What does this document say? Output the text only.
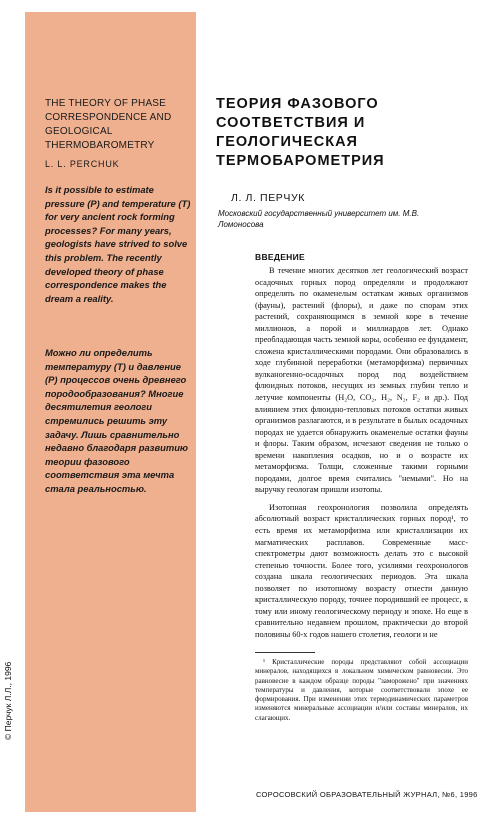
THE THEORY OF PHASE CORRESPONDENCE AND GEOLOGICAL THERMOBAROMETRY
L. L. PERCHUK
Is it possible to estimate pressure (P) and temperature (T) for very ancient rock forming processes? For many years, geologists have strived to solve this problem. The recently developed theory of phase correspondence makes the dream a reality.
Можно ли определить температуру (T) и давление (P) процессов очень древнего породообразования? Многие десятилетия геологи стремились решить эту задачу. Лишь сравнительно недавно благодаря развитию теории фазового соответствия эта мечта стала реальностью.
© Перчук Л.Л., 1996
ТЕОРИЯ ФАЗОВОГО СООТВЕТСТВИЯ И ГЕОЛОГИЧЕСКАЯ ТЕРМОБАРОМЕТРИЯ
Л. Л. ПЕРЧУК
Московский государственный университет им. М.В. Ломоносова
ВВЕДЕНИЕ

В течение многих десятков лет геологический возраст осадочных горных пород определяли и продолжают определять по окаменелым остаткам живых организмов (фауны), растений (флоры), и даже по спорам этих растений, сохраняющимся в земной коре в течение миллионов, а порой и миллиардов лет. Однако преобладающая часть земной коры, особенно ее фундамент, сложена кристаллическими породами. Они образовались в ходе глубинной переработки (метаморфизма) первичных вулканогенно-осадочных пород под воздействием флюидных потоков, несущих из земных глубин тепло и летучие компоненты (H₂O, CO₂, H₂, N₂, F₂ и др.). Под влиянием этих флюидно-тепловых потоков остатки живых организмов разлагаются, и в результате в былых осадочных породах не удается обнаружить окаменелые остатки фауны и флоры. Таким образом, исчезают сведения не только о времени накопления осадков, но и о возрасте их метаморфизма. Толщи, сложенные такими горными породами, долгое время считались "немыми". Но на выручку геологам пришли изотопы.

Изотопная геохронология позволила определять абсолютный возраст кристаллических горных пород¹, то есть время их метаморфизма или кристаллизации их магматических расплавов. Современные масс-спектрометры дают возможность делать это с высокой степенью точности. Более того, усилиями геохронологов создана шкала геологических периодов. Эта шкала позволяет по изотопному возрасту отнести данную кристаллическую породу, точнее породивший ее процесс, к тому или иному геологическому периоду и эпохе. Но еще в сравнительно недавнем прошлом, практически до второй половины 60-х годов нашего столетия, геологи и не

¹ Кристаллические породы представляют собой ассоциации минералов, находящихся в локальном химическом равновесии. Это равновесие в каждом образце породы "заморожено" при значениях температуры и давления, которые соответствовали эпохе ее формирования. При изменении этих термодинамических параметров изменяются минеральные ассоциации и/или составы минералов, их слагающих.
СОРОСОВСКИЙ ОБРАЗОВАТЕЛЬНЫЙ ЖУРНАЛ, №6, 1996
